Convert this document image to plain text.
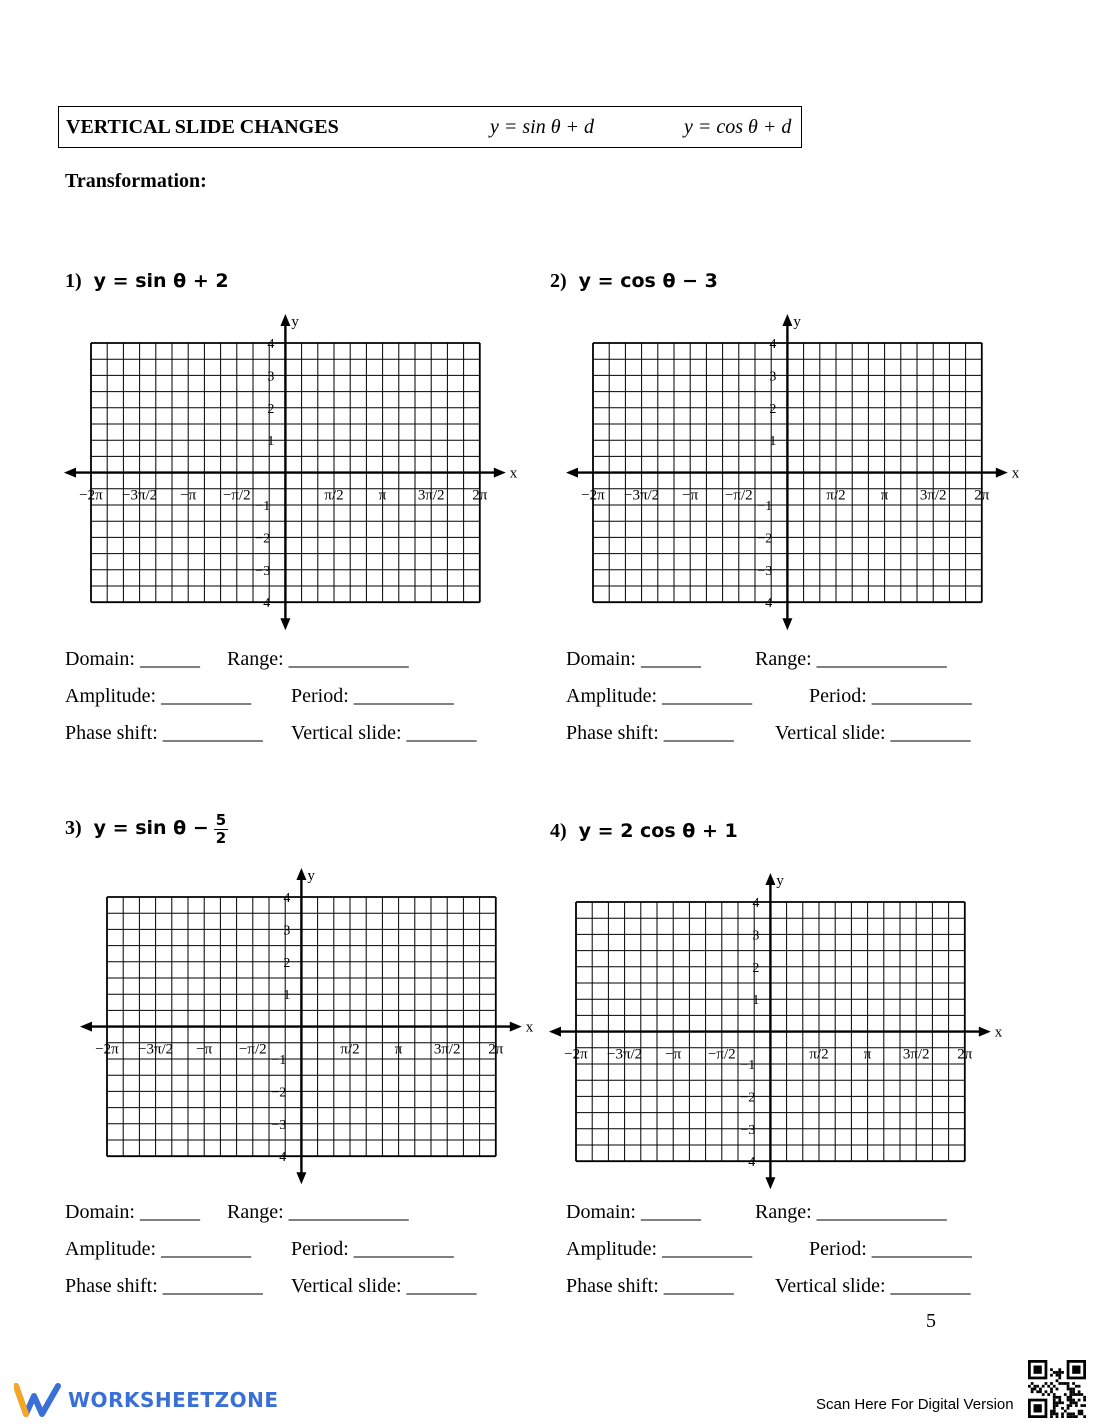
VERTICAL SLIDE CHANGES	y = sin θ + d	y = cos θ + d
Transformation:
1) y = sin θ + 2	2) y = cos θ − 3
3) $y = \sin \theta - \frac{5}{2}$	4) y = 2 cos θ + 1
x
y
−2π −3π/2 −π −π/2	π/2 π 3π/2 2π
4
3
2
1
−1
−2
−3
−4
x
y
−2π −3π/2 −π −π/2	π/2 π 3π/2 2π
4
3
2
1
−1
−2
−3
−4
x
y
−2π −3π/2 −π −π/2	π/2 π 3π/2 2π
4
3
2
1
−1
−2
−3
−4
x
y
−2π −3π/2 −π −π/2	π/2 π 3π/2 2π
4
3
2
1
−1
−2
−3
−4
Domain: ______ Range: ____________
Amplitude: _________ Period: __________
Phase shift: __________ Vertical slide: _______
Domain: ______	Range: _____________
Amplitude: _________	Period: __________
Phase shift: _______ Vertical slide: ________
Domain: ______ Range: ____________
Amplitude: _________ Period: __________
Phase shift: __________ Vertical slide: _______
Domain: ______	Range: _____________
Amplitude: _________	Period: __________
Phase shift: _______ Vertical slide: ________
5
WORKSHEETZONE	Scan Here For Digital Version
